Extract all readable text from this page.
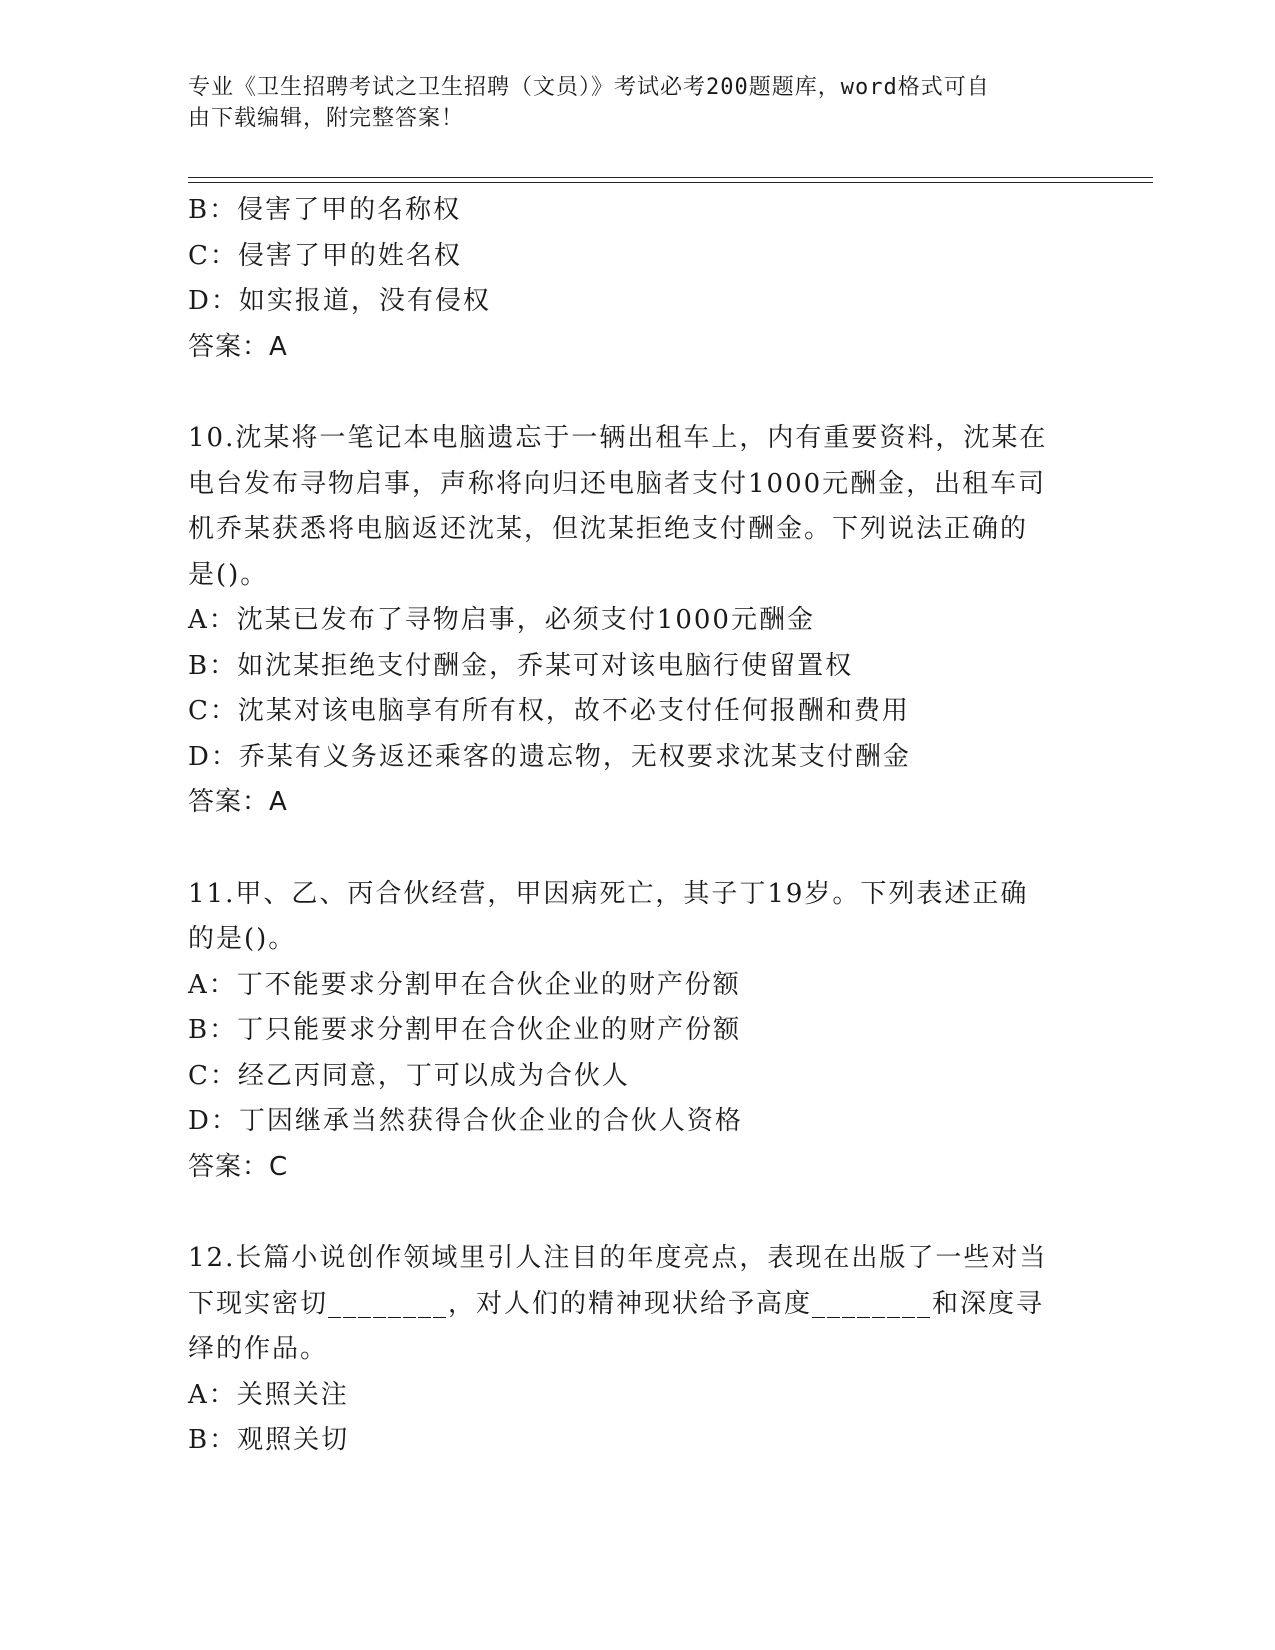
专业《卫生招聘考试之卫生招聘（文员）》考试必考200题题库，word格式可自
由下载编辑，附完整答案！
B：侵害了甲的名称权
C：侵害了甲的姓名权
D：如实报道，没有侵权
答案：A
10.沈某将一笔记本电脑遗忘于一辆出租车上，内有重要资料，沈某在
电台发布寻物启事，声称将向归还电脑者支付1000元酬金，出租车司
机乔某获悉将电脑返还沈某，但沈某拒绝支付酬金。下列说法正确的
是()。
A：沈某已发布了寻物启事，必须支付1000元酬金
B：如沈某拒绝支付酬金，乔某可对该电脑行使留置权
C：沈某对该电脑享有所有权，故不必支付任何报酬和费用
D：乔某有义务返还乘客的遗忘物，无权要求沈某支付酬金
答案：A
11.甲、乙、丙合伙经营，甲因病死亡，其子丁19岁。下列表述正确
的是()。
A：丁不能要求分割甲在合伙企业的财产份额
B：丁只能要求分割甲在合伙企业的财产份额
C：经乙丙同意，丁可以成为合伙人
D：丁因继承当然获得合伙企业的合伙人资格
答案：C
12.长篇小说创作领域里引人注目的年度亮点，表现在出版了一些对当
下现实密切________，对人们的精神现状给予高度________和深度寻
绎的作品。
A：关照关注
B：观照关切
